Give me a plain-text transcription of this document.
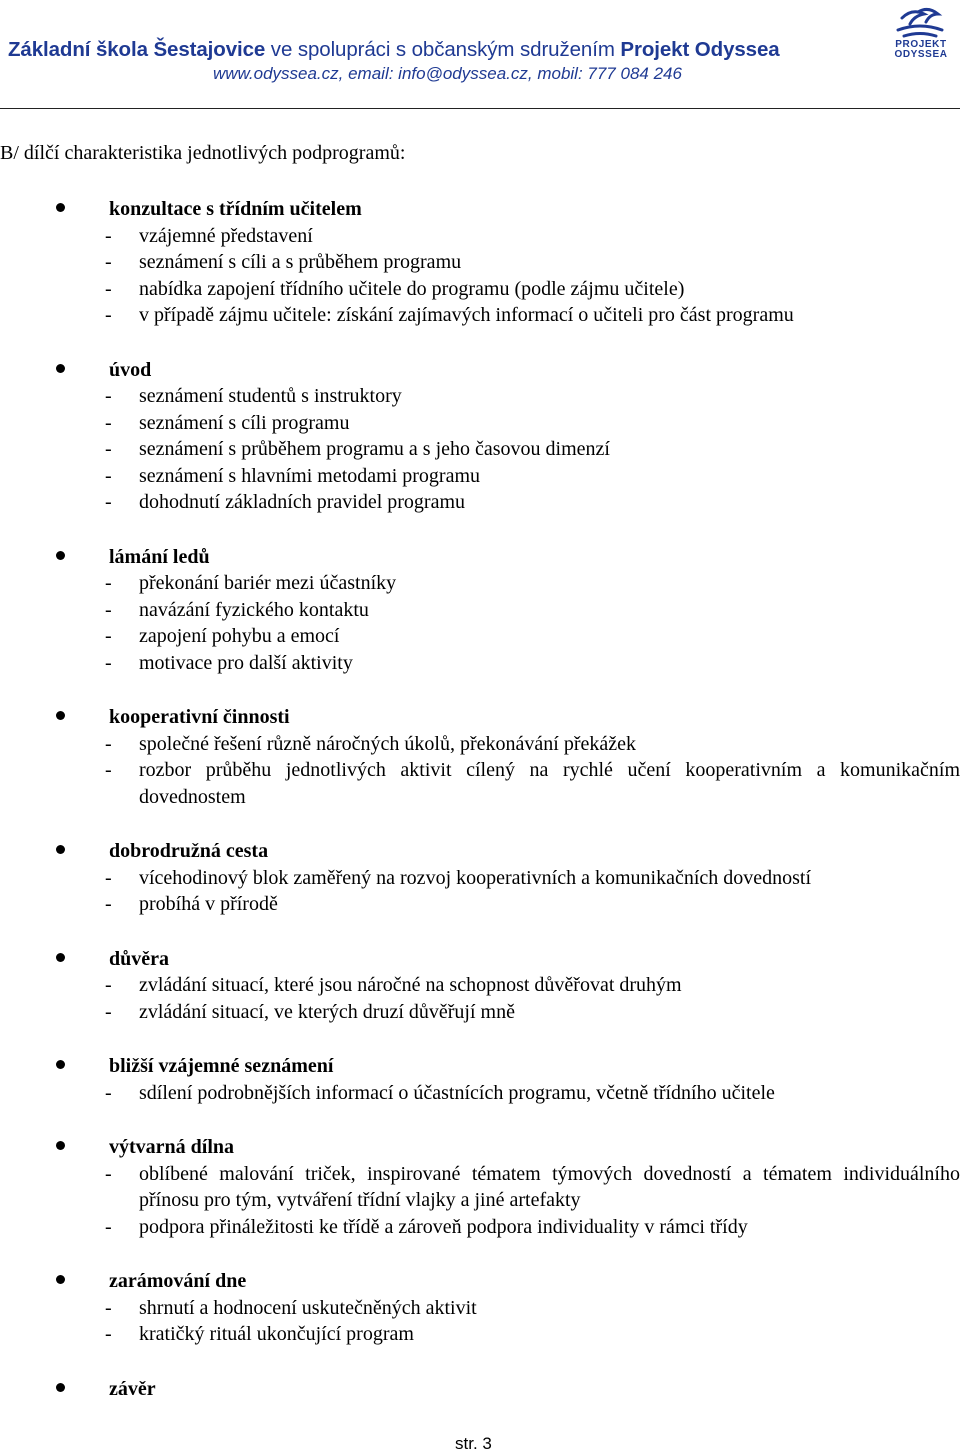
Základní škola Šestajovice ve spolupráci s občanským sdružením Projekt Odyssea
www.odyssea.cz, email: info@odyssea.cz, mobil: 777 084 246
PROJEKT
ODYSSEA
B/ dílčí charakteristika jednotlivých podprogramů:
konzultace s třídním učitelem
- vzájemné představení
- seznámení s cíli a s průběhem programu
- nabídka zapojení třídního učitele do programu (podle zájmu učitele)
- v případě zájmu učitele: získání zajímavých informací o učiteli pro část programu
úvod
- seznámení studentů s instruktory
- seznámení s cíli programu
- seznámení s průběhem programu a s jeho časovou dimenzí
- seznámení s hlavními metodami programu
- dohodnutí základních pravidel programu
lámání ledů
- překonání bariér mezi účastníky
- navázání fyzického kontaktu
- zapojení pohybu a emocí
- motivace pro další aktivity
kooperativní činnosti
- společné řešení různě náročných úkolů, překonávání překážek
- rozbor průběhu jednotlivých aktivit cílený na rychlé učení kooperativním a komunikačním dovednostem
dobrodružná cesta
- vícehodinový blok zaměřený na rozvoj kooperativních a komunikačních dovedností
- probíhá v přírodě
důvěra
- zvládání situací, které jsou náročné na schopnost důvěřovat druhým
- zvládání situací, ve kterých druzí důvěřují mně
bližší vzájemné seznámení
- sdílení podrobnějších informací o účastnících programu, včetně třídního učitele
výtvarná dílna
- oblíbené malování triček, inspirované tématem týmových dovedností a tématem individuálního přínosu pro tým, vytváření třídní vlajky a jiné artefakty
- podpora přináležitosti ke třídě a zároveň podpora individuality v rámci třídy
zarámování dne
- shrnutí a hodnocení uskutečněných aktivit
- kratičký rituál ukončující program
závěr
str. 3
